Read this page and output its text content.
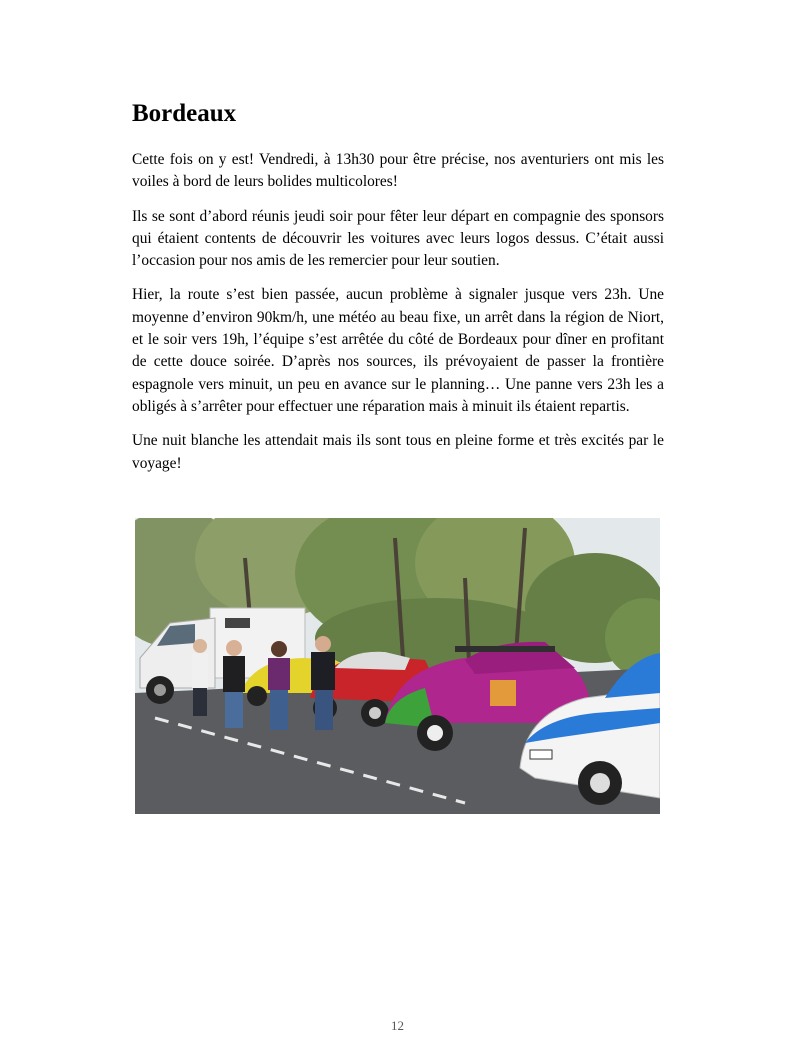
Bordeaux

Cette fois on y est! Vendredi, à 13h30 pour être précise, nos aventuriers ont mis les voiles à bord de leurs bolides multicolores!

Ils se sont d’abord réunis jeudi soir pour fêter leur départ en compagnie des sponsors qui étaient contents de découvrir les voitures avec leurs logos dessus. C’était aussi l’occasion pour nos amis de les remercier pour leur soutien.

Hier, la route s’est bien passée, aucun problème à signaler jusque vers 23h. Une moyenne d’environ 90km/h, une météo au beau fixe, un arrêt dans la région de Niort, et le soir vers 19h, l’équipe s’est arrêtée du côté de Bordeaux pour dîner en profitant de cette douce soirée. D’après nos sources, ils prévoyaient de passer la frontière espagnole vers minuit, un peu en avance sur le planning… Une panne vers 23h les a obligés à s’arrêter pour effectuer une réparation mais à minuit ils étaient repartis.

Une nuit blanche les attendait mais ils sont tous en pleine forme et très excités par le voyage!

12
